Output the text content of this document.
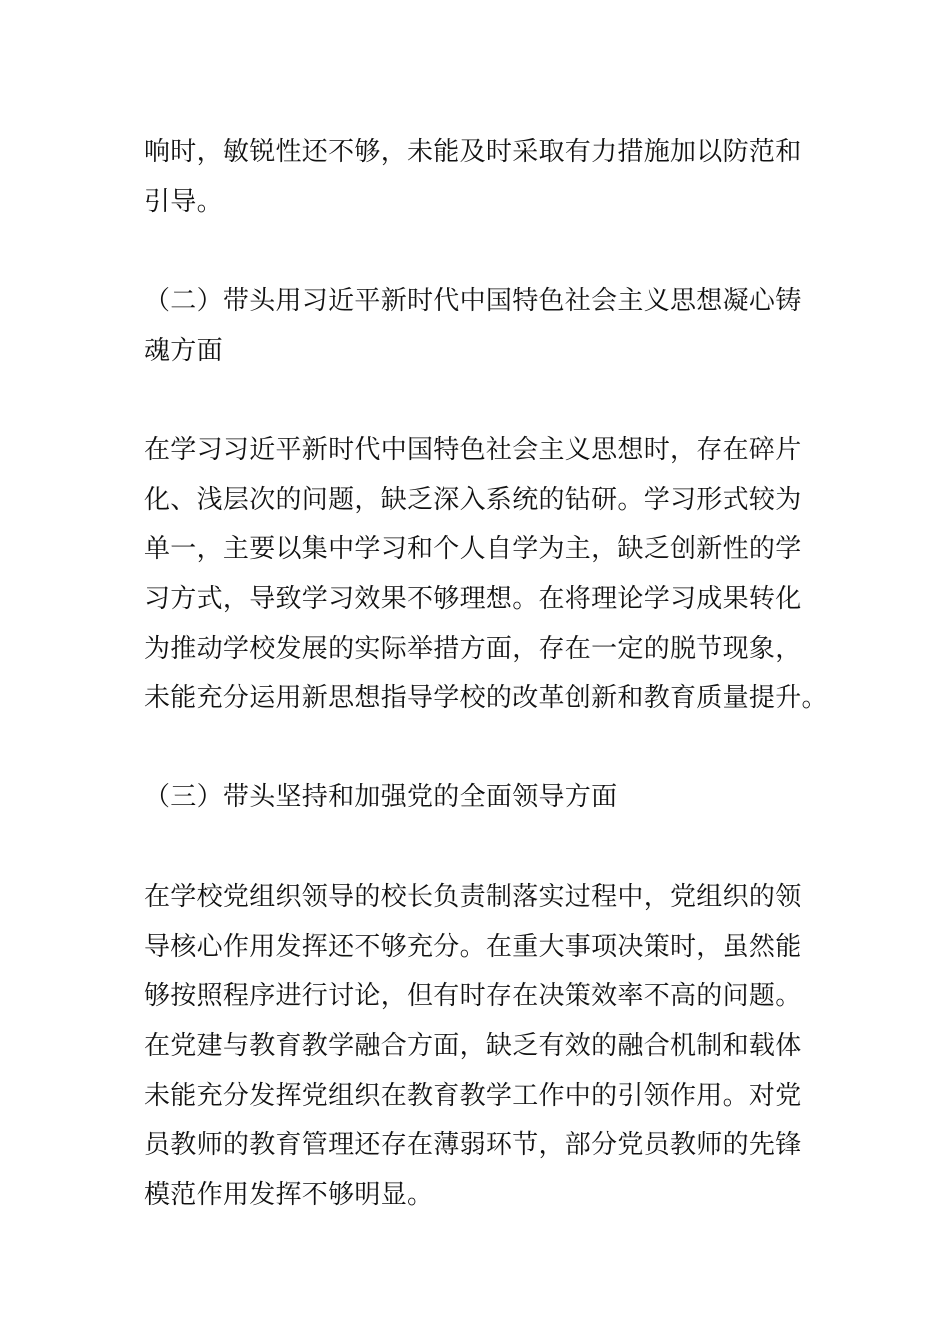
响时，敏锐性还不够，未能及时采取有力措施加以防范和
引导。
（二）带头用习近平新时代中国特色社会主义思想凝心铸
魂方面
在学习习近平新时代中国特色社会主义思想时，存在碎片
化、浅层次的问题，缺乏深入系统的钻研。学习形式较为
单一，主要以集中学习和个人自学为主，缺乏创新性的学
习方式，导致学习效果不够理想。在将理论学习成果转化
为推动学校发展的实际举措方面，存在一定的脱节现象，
未能充分运用新思想指导学校的改革创新和教育质量提升。
（三）带头坚持和加强党的全面领导方面
在学校党组织领导的校长负责制落实过程中，党组织的领
导核心作用发挥还不够充分。在重大事项决策时，虽然能
够按照程序进行讨论，但有时存在决策效率不高的问题。
在党建与教育教学融合方面，缺乏有效的融合机制和载体
未能充分发挥党组织在教育教学工作中的引领作用。对党
员教师的教育管理还存在薄弱环节，部分党员教师的先锋
模范作用发挥不够明显。
